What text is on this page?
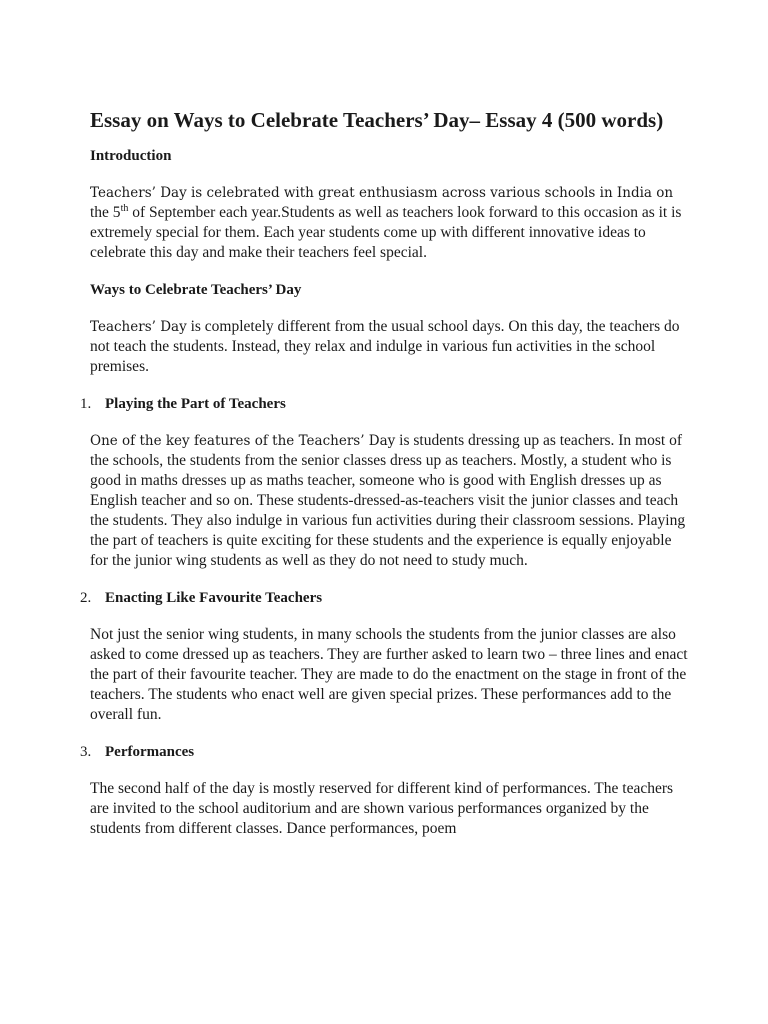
Essay on Ways to Celebrate Teachers’ Day– Essay 4 (500 words)
Introduction

Teachers’ Day is celebrated with great enthusiasm across various schools in India on
the 5th of September each year.Students as well as teachers look forward to this occasion as it is extremely special for them. Each year students come up with different innovative ideas to celebrate this day and make their teachers feel special.

Ways to Celebrate Teachers’ Day

Teachers’ Day is completely different from the usual school days. On this day, the teachers do not teach the students. Instead, they relax and indulge in various fun activities in the school premises.

1. Playing the Part of Teachers

One of the key features of the Teachers’ Day is students dressing up as teachers. In most of the schools, the students from the senior classes dress up as teachers. Mostly, a student who is good in maths dresses up as maths teacher, someone who is good with English dresses up as English teacher and so on. These students-dressed-as-teachers visit the junior classes and teach the students. They also indulge in various fun activities during their classroom sessions. Playing the part of teachers is quite exciting for these students and the experience is equally enjoyable for the junior wing students as well as they do not need to study much.

2. Enacting Like Favourite Teachers

Not just the senior wing students, in many schools the students from the junior classes are also asked to come dressed up as teachers. They are further asked to learn two – three lines and enact the part of their favourite teacher. They are made to do the enactment on the stage in front of the teachers. The students who enact well are given special prizes. These performances add to the overall fun.

3. Performances

The second half of the day is mostly reserved for different kind of performances. The teachers are invited to the school auditorium and are shown various performances organized by the students from different classes. Dance performances, poem
